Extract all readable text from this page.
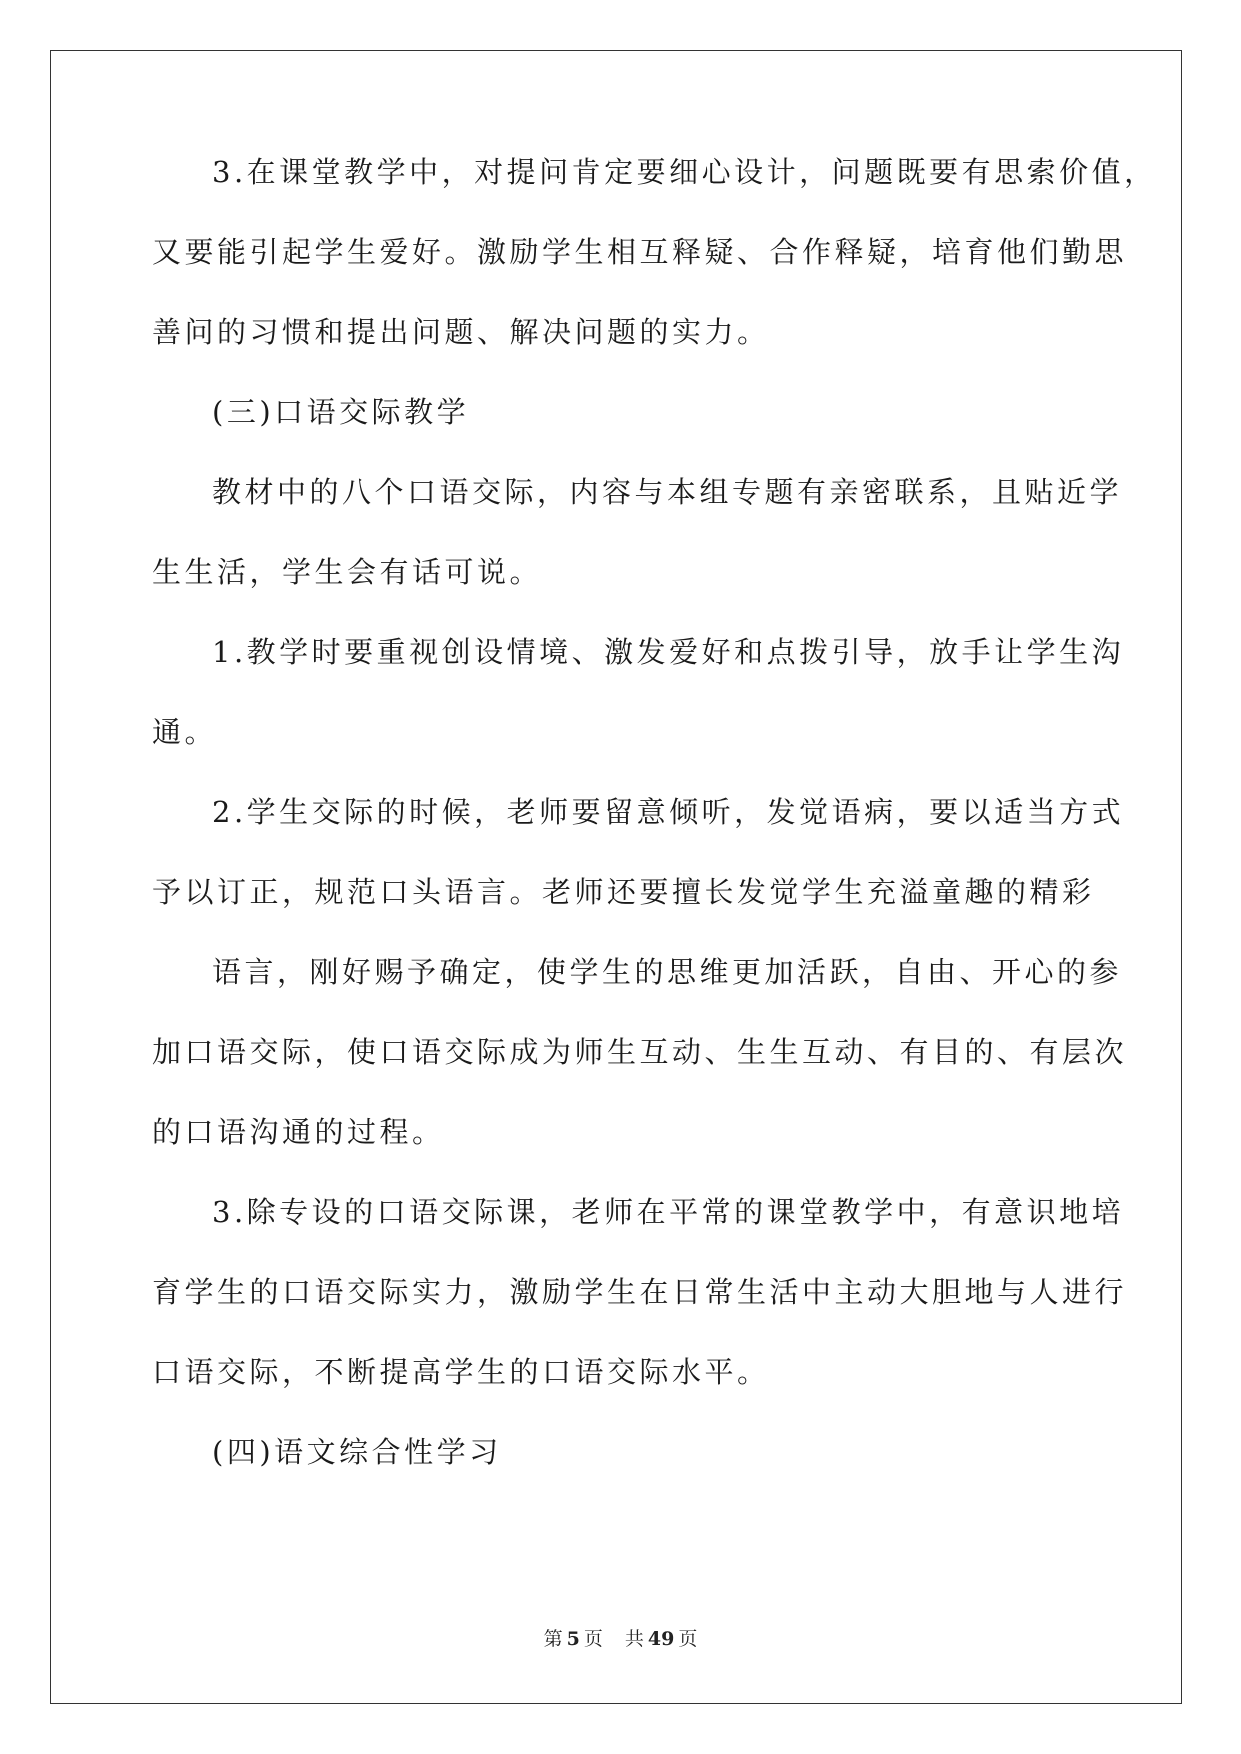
3.在课堂教学中，对提问肯定要细心设计，问题既要有思索价值，
又要能引起学生爱好。激励学生相互释疑、合作释疑，培育他们勤思
善问的习惯和提出问题、解决问题的实力。
(三)口语交际教学
教材中的八个口语交际，内容与本组专题有亲密联系，且贴近学
生生活，学生会有话可说。
1.教学时要重视创设情境、激发爱好和点拨引导，放手让学生沟
通。
2.学生交际的时候，老师要留意倾听，发觉语病，要以适当方式
予以订正，规范口头语言。老师还要擅长发觉学生充溢童趣的精彩
语言，刚好赐予确定，使学生的思维更加活跃，自由、开心的参
加口语交际，使口语交际成为师生互动、生生互动、有目的、有层次
的口语沟通的过程。
3.除专设的口语交际课，老师在平常的课堂教学中，有意识地培
育学生的口语交际实力，激励学生在日常生活中主动大胆地与人进行
口语交际，不断提高学生的口语交际水平。
(四)语文综合性学习
第 5 页 共 49 页
